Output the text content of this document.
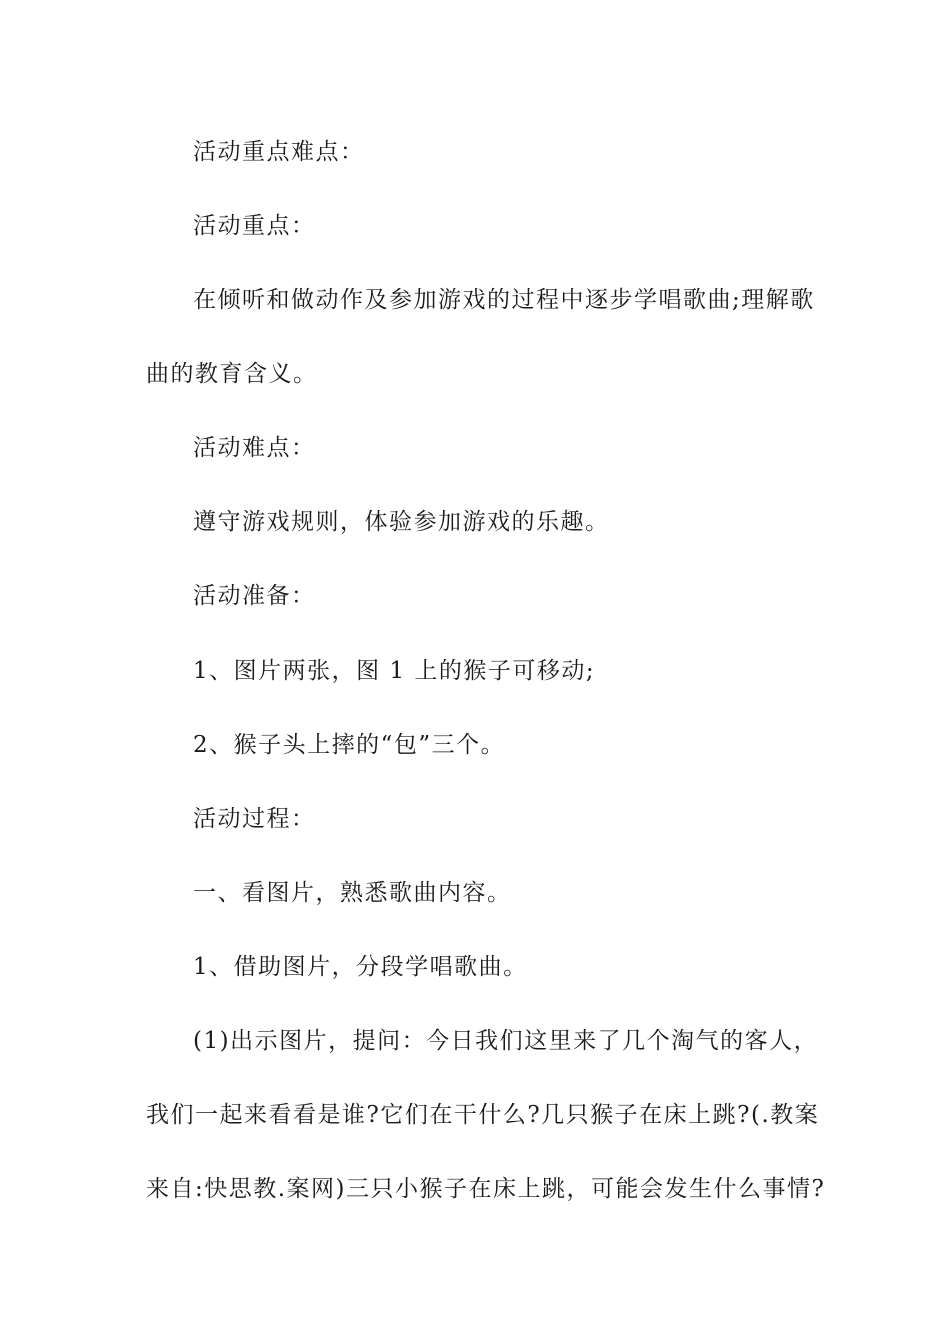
活动重点难点：
活动重点：
在倾听和做动作及参加游戏的过程中逐步学唱歌曲;理解歌
曲的教育含义。
活动难点：
遵守游戏规则，体验参加游戏的乐趣。
活动准备：
1、图片两张，图 1 上的猴子可移动;
2、猴子头上摔的“包”三个。
活动过程：
一、看图片，熟悉歌曲内容。
1、借助图片，分段学唱歌曲。
(1)出示图片，提问：今日我们这里来了几个淘气的客人，
我们一起来看看是谁?它们在干什么?几只猴子在床上跳?(.教案
来自:快思教.案网)三只小猴子在床上跳，可能会发生什么事情?
